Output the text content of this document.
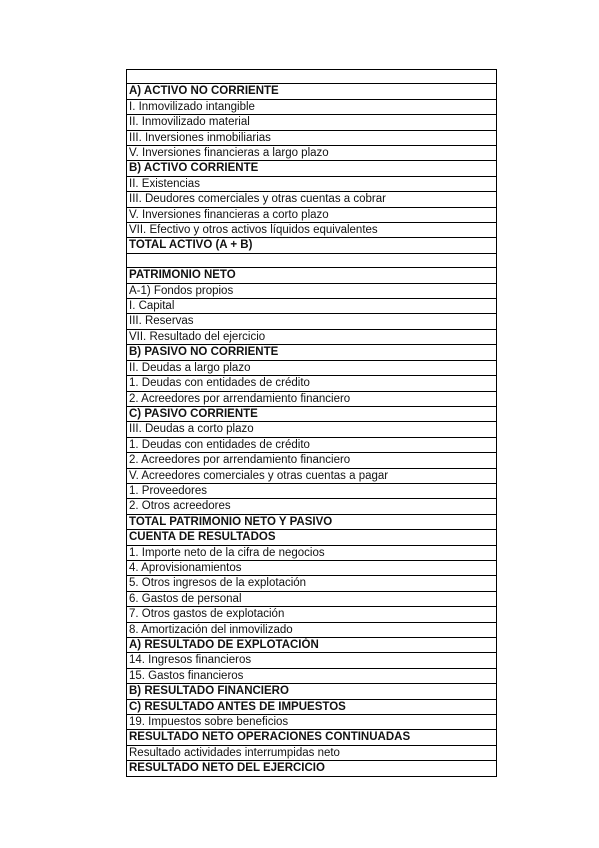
A) ACTIVO NO CORRIENTE
I. Inmovilizado intangible
II. Inmovilizado material
III. Inversiones inmobiliarias
V. Inversiones financieras a largo plazo
B) ACTIVO CORRIENTE
II. Existencias
III. Deudores comerciales y otras cuentas a cobrar
V. Inversiones financieras a corto plazo
VII. Efectivo y otros activos líquidos equivalentes
TOTAL ACTIVO (A + B)

PATRIMONIO NETO
A-1) Fondos propios
I. Capital
III. Reservas
VII. Resultado del ejercicio
B) PASIVO NO CORRIENTE
II. Deudas a largo plazo
1. Deudas con entidades de crédito
2. Acreedores por arrendamiento financiero
C) PASIVO CORRIENTE
III. Deudas a corto plazo
1. Deudas con entidades de crédito
2. Acreedores por arrendamiento financiero
V. Acreedores comerciales y otras cuentas a pagar
1. Proveedores
2. Otros acreedores
TOTAL PATRIMONIO NETO Y PASIVO
CUENTA DE RESULTADOS
1. Importe neto de la cifra de negocios
4. Aprovisionamientos
5. Otros ingresos de la explotación
6. Gastos de personal
7. Otros gastos de explotación
8. Amortización del inmovilizado
A) RESULTADO DE EXPLOTACIÓN
14. Ingresos financieros
15. Gastos financieros
B) RESULTADO FINANCIERO
C) RESULTADO ANTES DE IMPUESTOS
19. Impuestos sobre beneficios
RESULTADO NETO OPERACIONES CONTINUADAS
Resultado actividades interrumpidas neto
RESULTADO NETO DEL EJERCICIO
